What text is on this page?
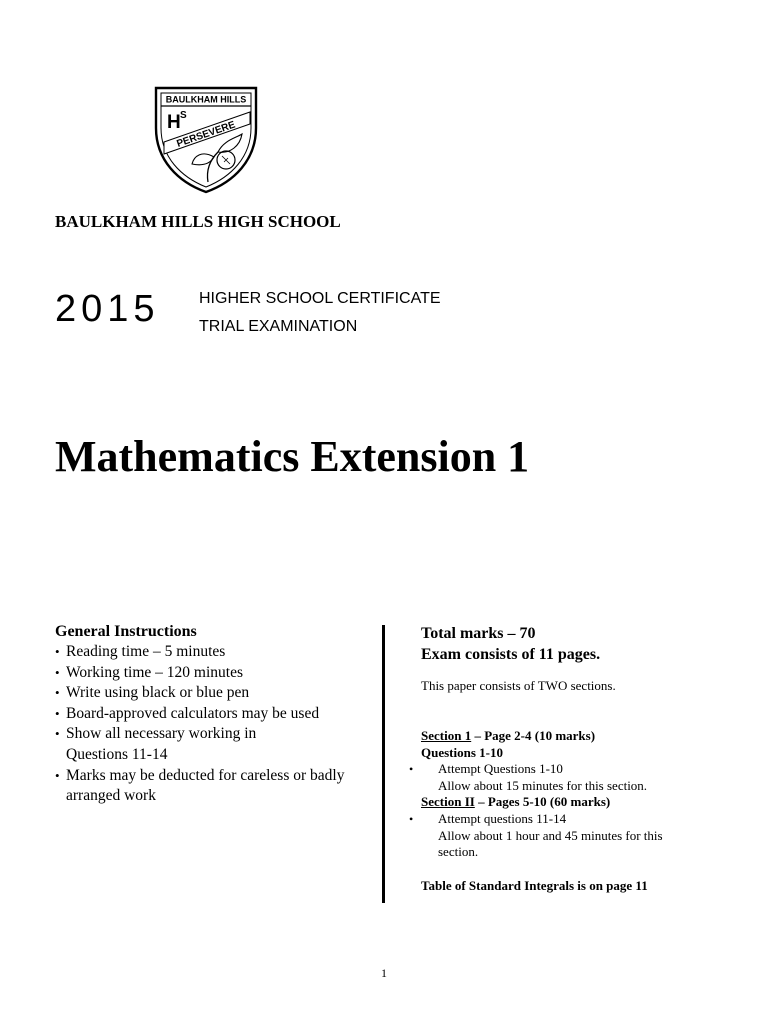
BAULKHAM HILLS
H S
PERSEVERE
BAULKHAM HILLS HIGH SCHOOL
2015 HIGHER SCHOOL CERTIFICATE
TRIAL EXAMINATION
Mathematics Extension 1
General Instructions
• Reading time – 5 minutes
• Working time – 120 minutes
• Write using black or blue pen
• Board-approved calculators may be used
• Show all necessary working in Questions 11-14
• Marks may be deducted for careless or badly arranged work
Total marks – 70
Exam consists of 11 pages.
This paper consists of TWO sections.
Section 1 – Page 2-4 (10 marks)
Questions 1-10
• Attempt Questions 1-10
Allow about 15 minutes for this section.
Section II – Pages 5-10 (60 marks)
• Attempt questions 11-14
Allow about 1 hour and 45 minutes for this section.
Table of Standard Integrals is on page 11
1
